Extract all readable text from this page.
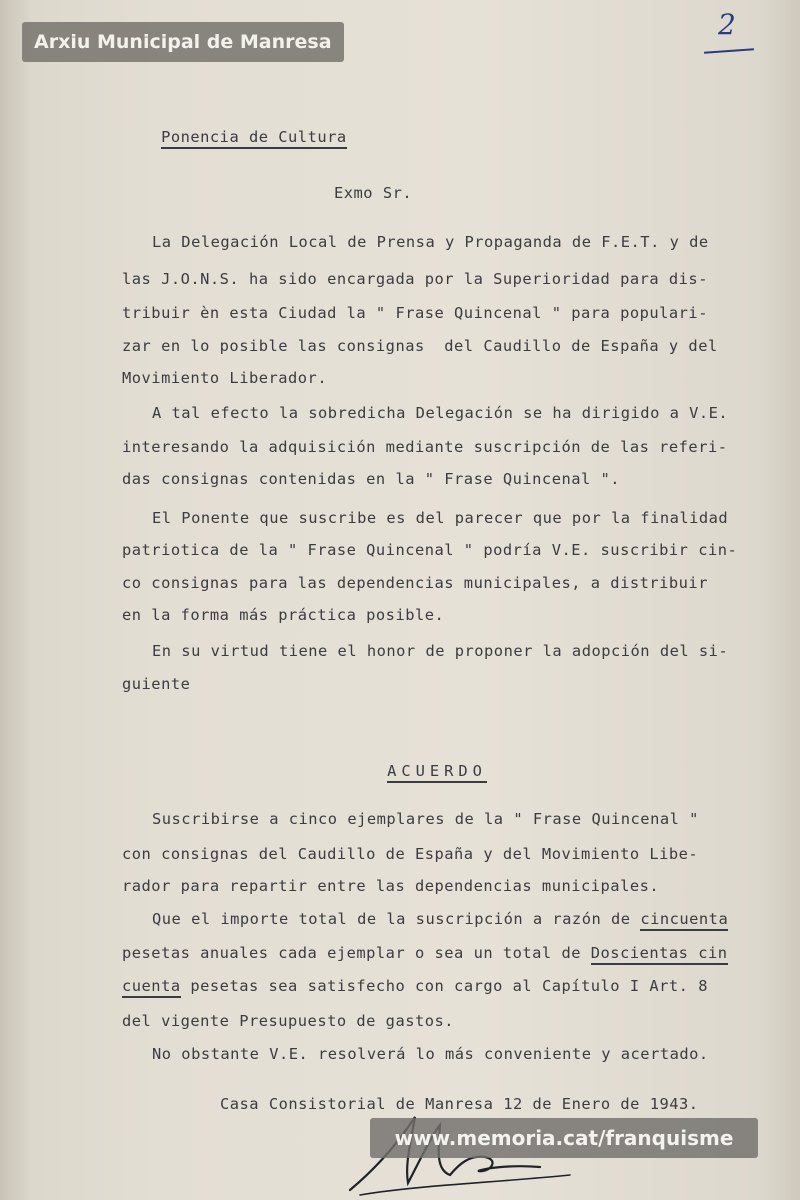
Arxiu Municipal de Manresa
2

Ponencia de Cultura

Exmo Sr.
La Delegación Local de Prensa y Propaganda de F.E.T. y de
las J.O.N.S. ha sido encargada por la Superioridad para dis-
tribuir èn esta Ciudad la " Frase Quincenal " para populari-
zar en lo posible las consignas  del Caudillo de España y del
Movimiento Liberador.
A tal efecto la sobredicha Delegación se ha dirigido a V.E.
interesando la adquisición mediante suscripción de las referi-
das consignas contenidas en la " Frase Quincenal ".
El Ponente que suscribe es del parecer que por la finalidad
patriotica de la " Frase Quincenal " podría V.E. suscribir cin-
co consignas para las dependencias municipales, a distribuir
en la forma más práctica posible.
En su virtud tiene el honor de proponer la adopción del si-
guiente

ACUERDO

Suscribirse a cinco ejemplares de la " Frase Quincenal "
con consignas del Caudillo de España y del Movimiento Libe-
rador para repartir entre las dependencias municipales.
Que el importe total de la suscripción a razón de cincuenta
pesetas anuales cada ejemplar o sea un total de Doscientas cin
cuenta pesetas sea satisfecho con cargo al Capítulo I Art. 8
del vigente Presupuesto de gastos.
No obstante V.E. resolverá lo más conveniente y acertado.
Casa Consistorial de Manresa 12 de Enero de 1943.
www.memoria.cat/franquisme
